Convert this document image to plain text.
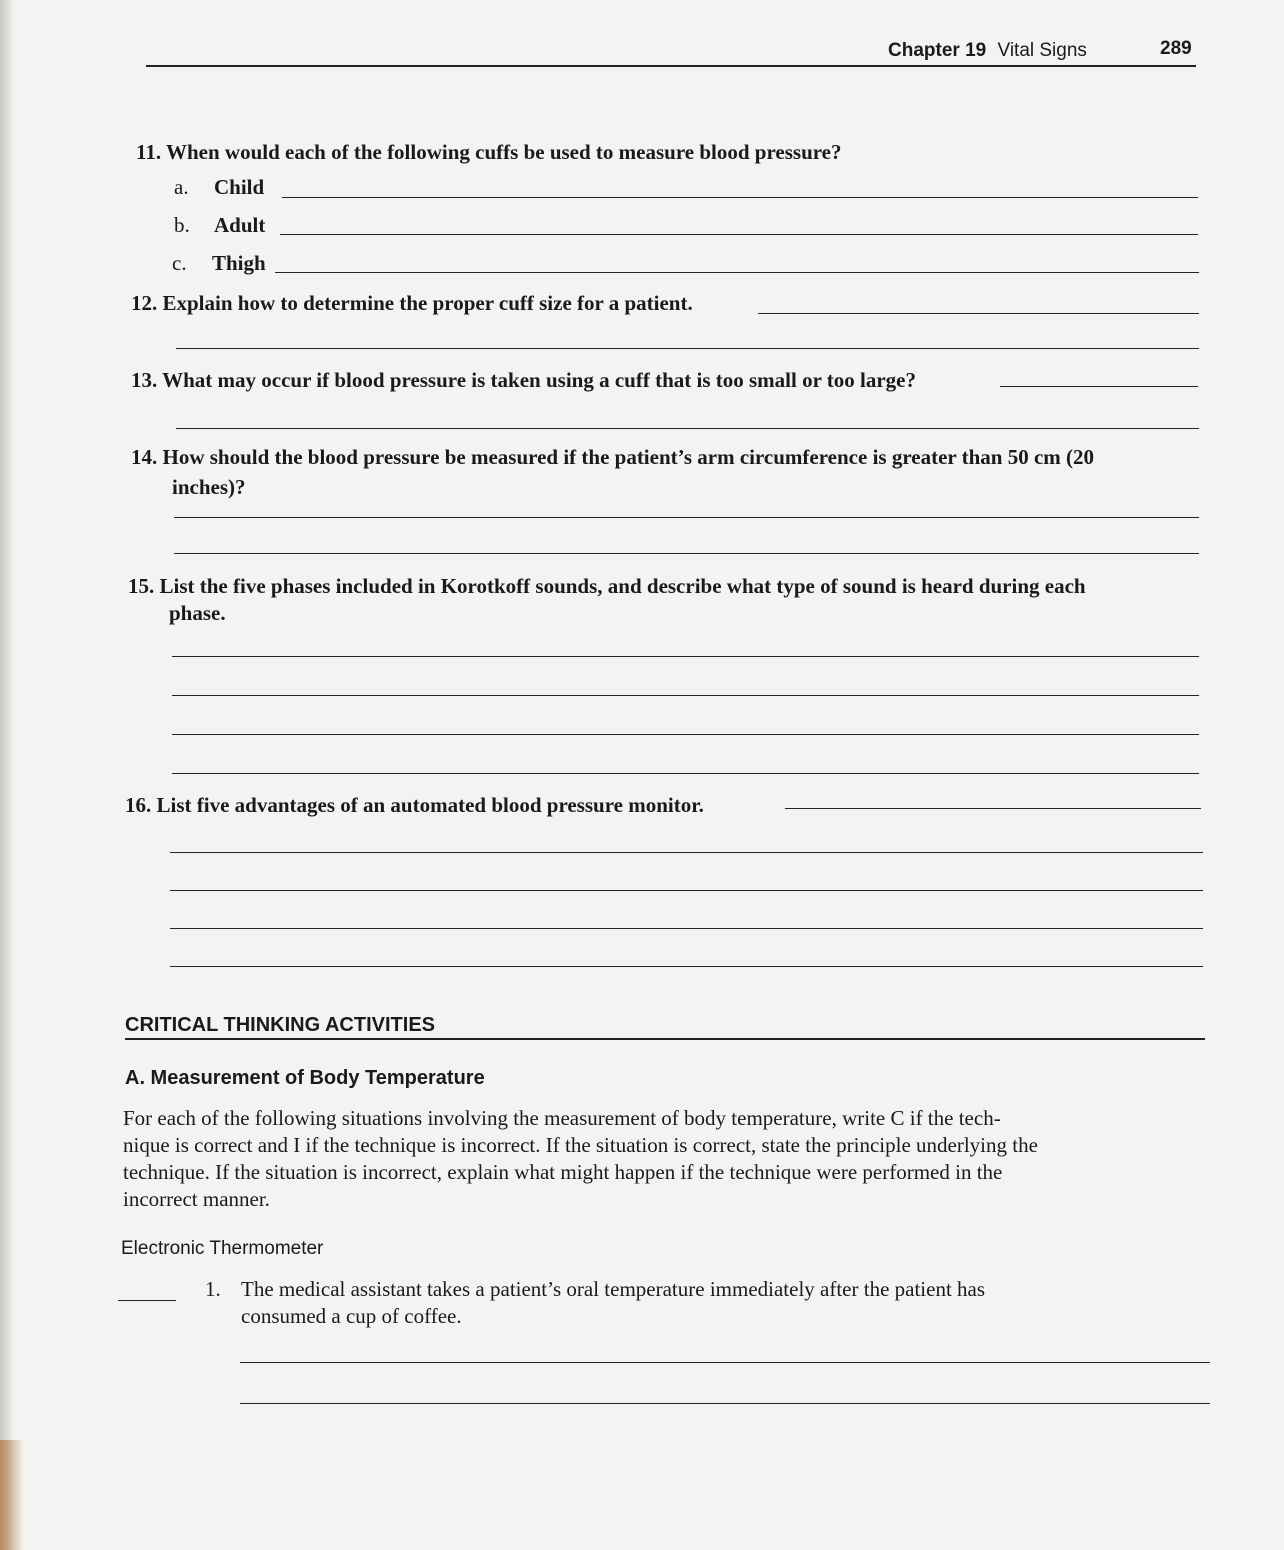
Chapter 19 Vital Signs	289
11. When would each of the following cuffs be used to measure blood pressure?
a. Child
b. Adult
c. Thigh
12. Explain how to determine the proper cuff size for a patient.
13. What may occur if blood pressure is taken using a cuff that is too small or too large?
14. How should the blood pressure be measured if the patient’s arm circumference is greater than 50 cm (20
inches)?
15. List the five phases included in Korotkoff sounds, and describe what type of sound is heard during each
phase.
16. List five advantages of an automated blood pressure monitor.
CRITICAL THINKING ACTIVITIES
A. Measurement of Body Temperature
For each of the following situations involving the measurement of body temperature, write C if the tech-
nique is correct and I if the technique is incorrect. If the situation is correct, state the principle underlying the
technique. If the situation is incorrect, explain what might happen if the technique were performed in the
incorrect manner.
Electronic Thermometer
1. The medical assistant takes a patient’s oral temperature immediately after the patient has
consumed a cup of coffee.
